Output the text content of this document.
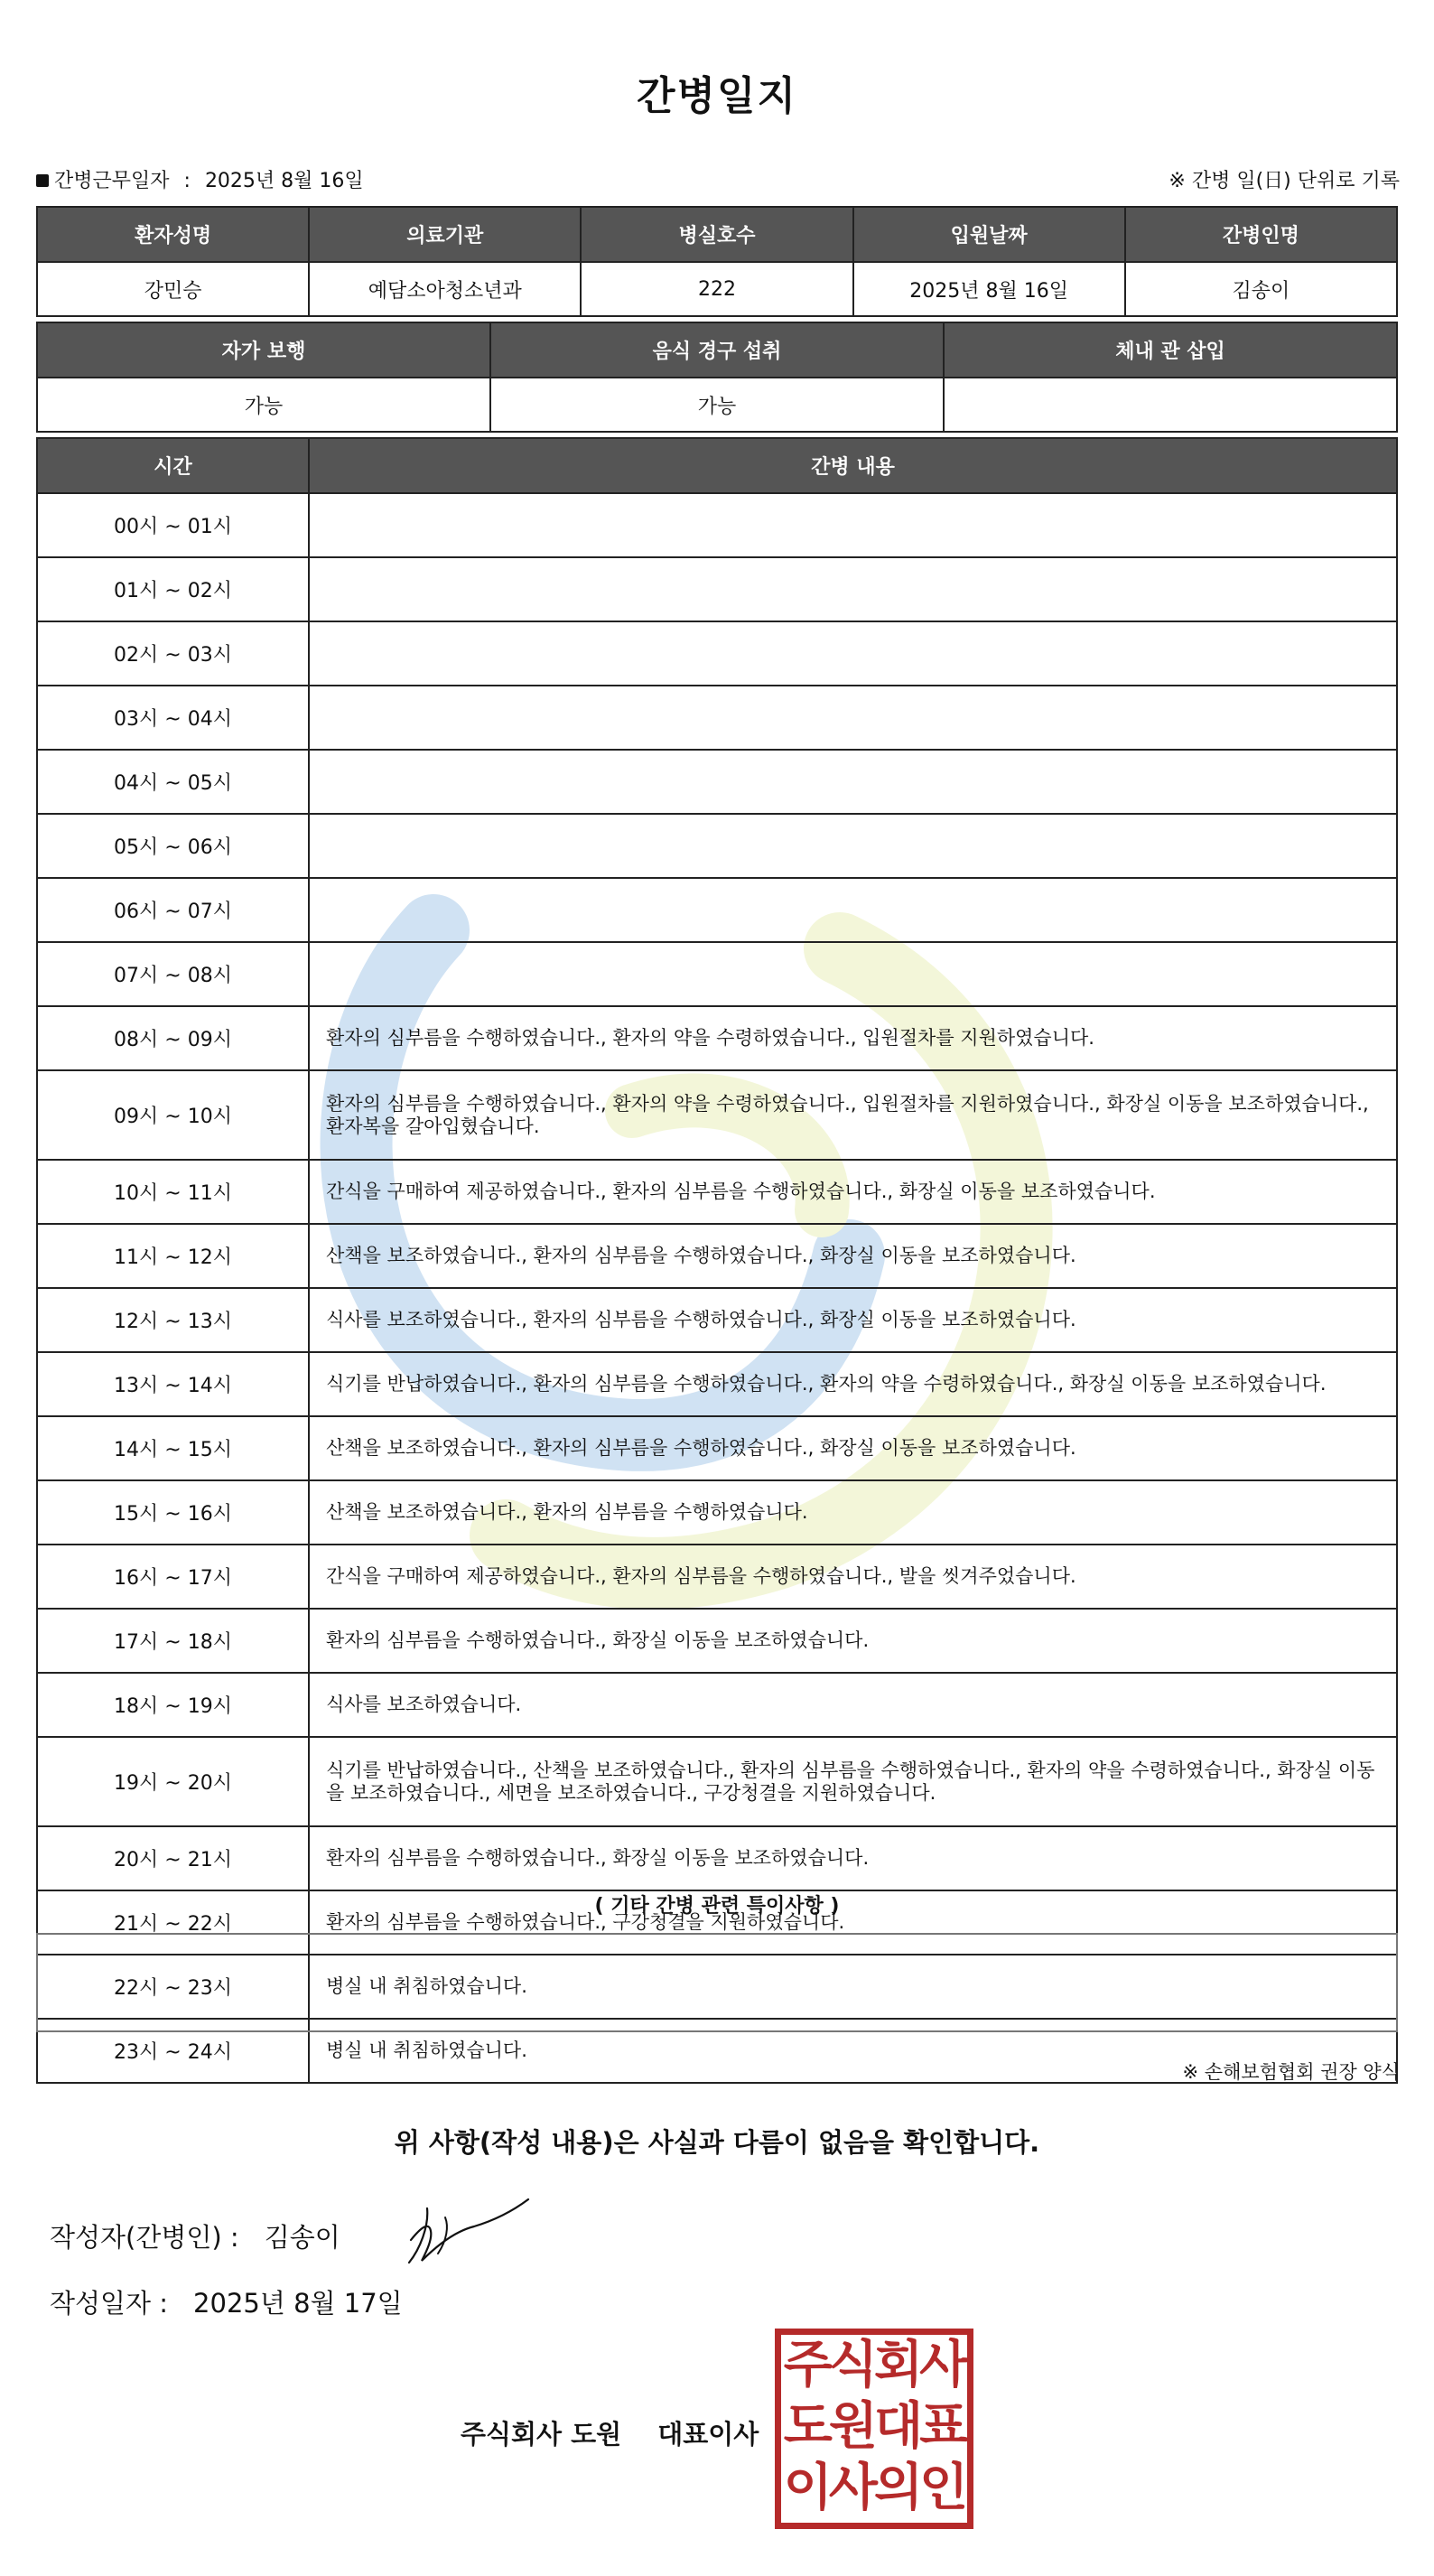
간병일지
간병근무일자 : 2025년 8월 16일	※ 간병 일(日) 단위로 기록
환자성명	의료기관	병실호수	입원날짜	간병인명
강민승	예담소아청소년과	222	2025년 8월 16일	김송이
자가 보행	음식 경구 섭취	체내 관 삽입
가능	가능	
시간	간병 내용
00시 ~ 01시	
01시 ~ 02시	
02시 ~ 03시	
03시 ~ 04시	
04시 ~ 05시	
05시 ~ 06시	
06시 ~ 07시	
07시 ~ 08시	
08시 ~ 09시	환자의 심부름을 수행하였습니다., 환자의 약을 수령하였습니다., 입원절차를 지원하였습니다.
09시 ~ 10시	환자의 심부름을 수행하였습니다., 환자의 약을 수령하였습니다., 입원절차를 지원하였습니다., 화장실 이동을 보조하였습니다., 환자복을 갈아입혔습니다.
10시 ~ 11시	간식을 구매하여 제공하였습니다., 환자의 심부름을 수행하였습니다., 화장실 이동을 보조하였습니다.
11시 ~ 12시	산책을 보조하였습니다., 환자의 심부름을 수행하였습니다., 화장실 이동을 보조하였습니다.
12시 ~ 13시	식사를 보조하였습니다., 환자의 심부름을 수행하였습니다., 화장실 이동을 보조하였습니다.
13시 ~ 14시	식기를 반납하였습니다., 환자의 심부름을 수행하였습니다., 환자의 약을 수령하였습니다., 화장실 이동을 보조하였습니다.
14시 ~ 15시	산책을 보조하였습니다., 환자의 심부름을 수행하였습니다., 화장실 이동을 보조하였습니다.
15시 ~ 16시	산책을 보조하였습니다., 환자의 심부름을 수행하였습니다.
16시 ~ 17시	간식을 구매하여 제공하였습니다., 환자의 심부름을 수행하였습니다., 발을 씻겨주었습니다.
17시 ~ 18시	환자의 심부름을 수행하였습니다., 화장실 이동을 보조하였습니다.
18시 ~ 19시	식사를 보조하였습니다.
19시 ~ 20시	식기를 반납하였습니다., 산책을 보조하였습니다., 환자의 심부름을 수행하였습니다., 환자의 약을 수령하였습니다., 화장실 이동을 보조하였습니다., 세면을 보조하였습니다., 구강청결을 지원하였습니다.
20시 ~ 21시	환자의 심부름을 수행하였습니다., 화장실 이동을 보조하였습니다.
21시 ~ 22시	환자의 심부름을 수행하였습니다., 구강청결을 지원하였습니다.
22시 ~ 23시	병실 내 취침하였습니다.
23시 ~ 24시	병실 내 취침하였습니다.
( 기타 간병 관련 특이사항 )
※ 손해보험협회 권장 양식
위 사항(작성 내용)은 사실과 다름이 없음을 확인합니다.
작성자(간병인) : 김송이
작성일자 : 2025년 8월 17일
주식회사 도원 대표이사
주식회사
도원대표
이사의인
